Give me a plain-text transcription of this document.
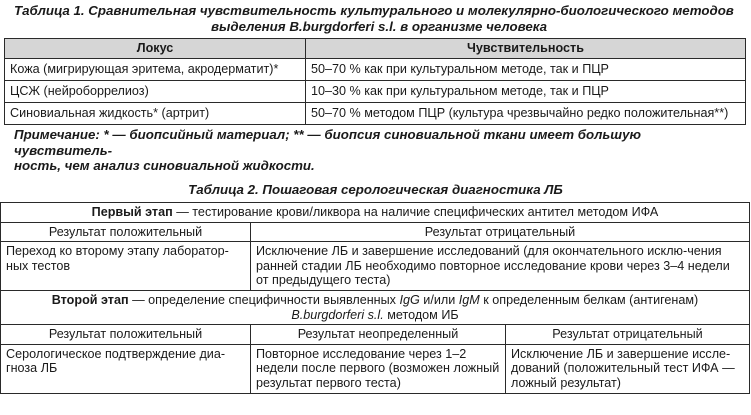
Таблица 1. Сравнительная чувствительность культурального и молекулярно-биологического методов
выделения B.burgdorferi s.l. в организме человека
Локус	Чувствительность
Кожа (мигрирующая эритема, акродерматит)*	50–70 % как при культуральном методе, так и ПЦР
ЦСЖ (нейроборрелиоз)	10–30 % как при культуральном методе, так и ПЦР
Синовиальная жидкость* (артрит)	50–70 % методом ПЦР (культура чрезвычайно редко положительная**)
Примечание: * — биопсийный материал; ** — биопсия синовиальной ткани имеет большую чувствитель-
ность, чем анализ синовиальной жидкости.
Таблица 2. Пошаговая серологическая диагностика ЛБ
Первый этап — тестирование крови/ликвора на наличие специфических антител методом ИФА		
Результат положительный	Результат отрицательный	
Переход ко второму этапу лаборатор-ных тестов	Исключение ЛБ и завершение исследований (для окончательного исклю-чения ранней стадии ЛБ необходимо повторное исследование крови через 3–4 недели от предыдущего теста)	
Второй этап — определение специфичности выявленных IgG и/или IgM к определенным белкам (антигенам)
B.burgdorferi s.l. методом ИБ		
Результат положительный	Результат неопределенный	Результат отрицательный
Серологическое подтверждение диа-гноза ЛБ	Повторное исследование через 1–2 недели после первого (возможен ложный результат первого теста)	Исключение ЛБ и завершение иссле-дований (положительный тест ИФА — ложный результат)
